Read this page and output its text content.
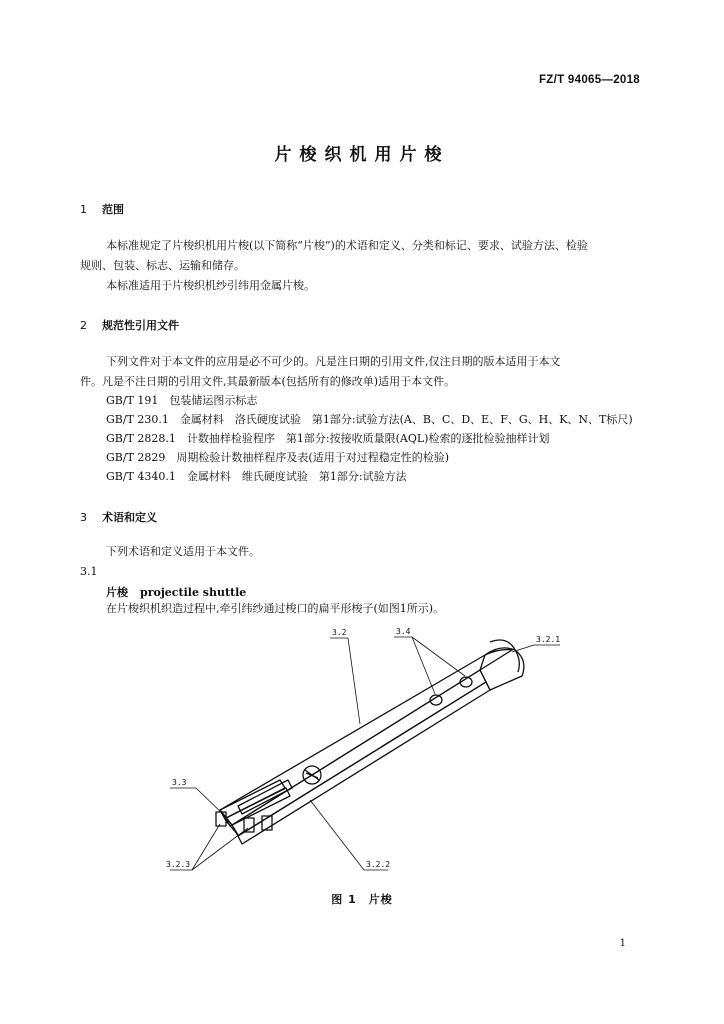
FZ/T 94065—2018
片梭织机用片梭
1 范围
本标准规定了片梭织机用片梭(以下简称“片梭”)的术语和定义、分类和标记、要求、试验方法、检验
规则、包装、标志、运输和储存。
本标准适用于片梭织机纱引纬用金属片梭。
2 规范性引用文件
下列文件对于本文件的应用是必不可少的。凡是注日期的引用文件,仅注日期的版本适用于本文
件。凡是不注日期的引用文件,其最新版本(包括所有的修改单)适用于本文件。
GB/T 191　包装储运图示标志
GB/T 230.1　金属材料　洛氏硬度试验　第1部分:试验方法(A、B、C、D、E、F、G、H、K、N、T标尺)
GB/T 2828.1　计数抽样检验程序　第1部分:按接收质量限(AQL)检索的逐批检验抽样计划
GB/T 2829　周期检验计数抽样程序及表(适用于对过程稳定性的检验)
GB/T 4340.1　金属材料　维氏硬度试验　第1部分:试验方法
3 术语和定义
下列术语和定义适用于本文件。
3.1
片梭 projectile shuttle
在片梭织机织造过程中,牵引纬纱通过梭口的扁平形梭子(如图1所示)。
3.2	3.4
3.2.1
3.3
3.2.3	3.2.2
图 1　片梭
1
